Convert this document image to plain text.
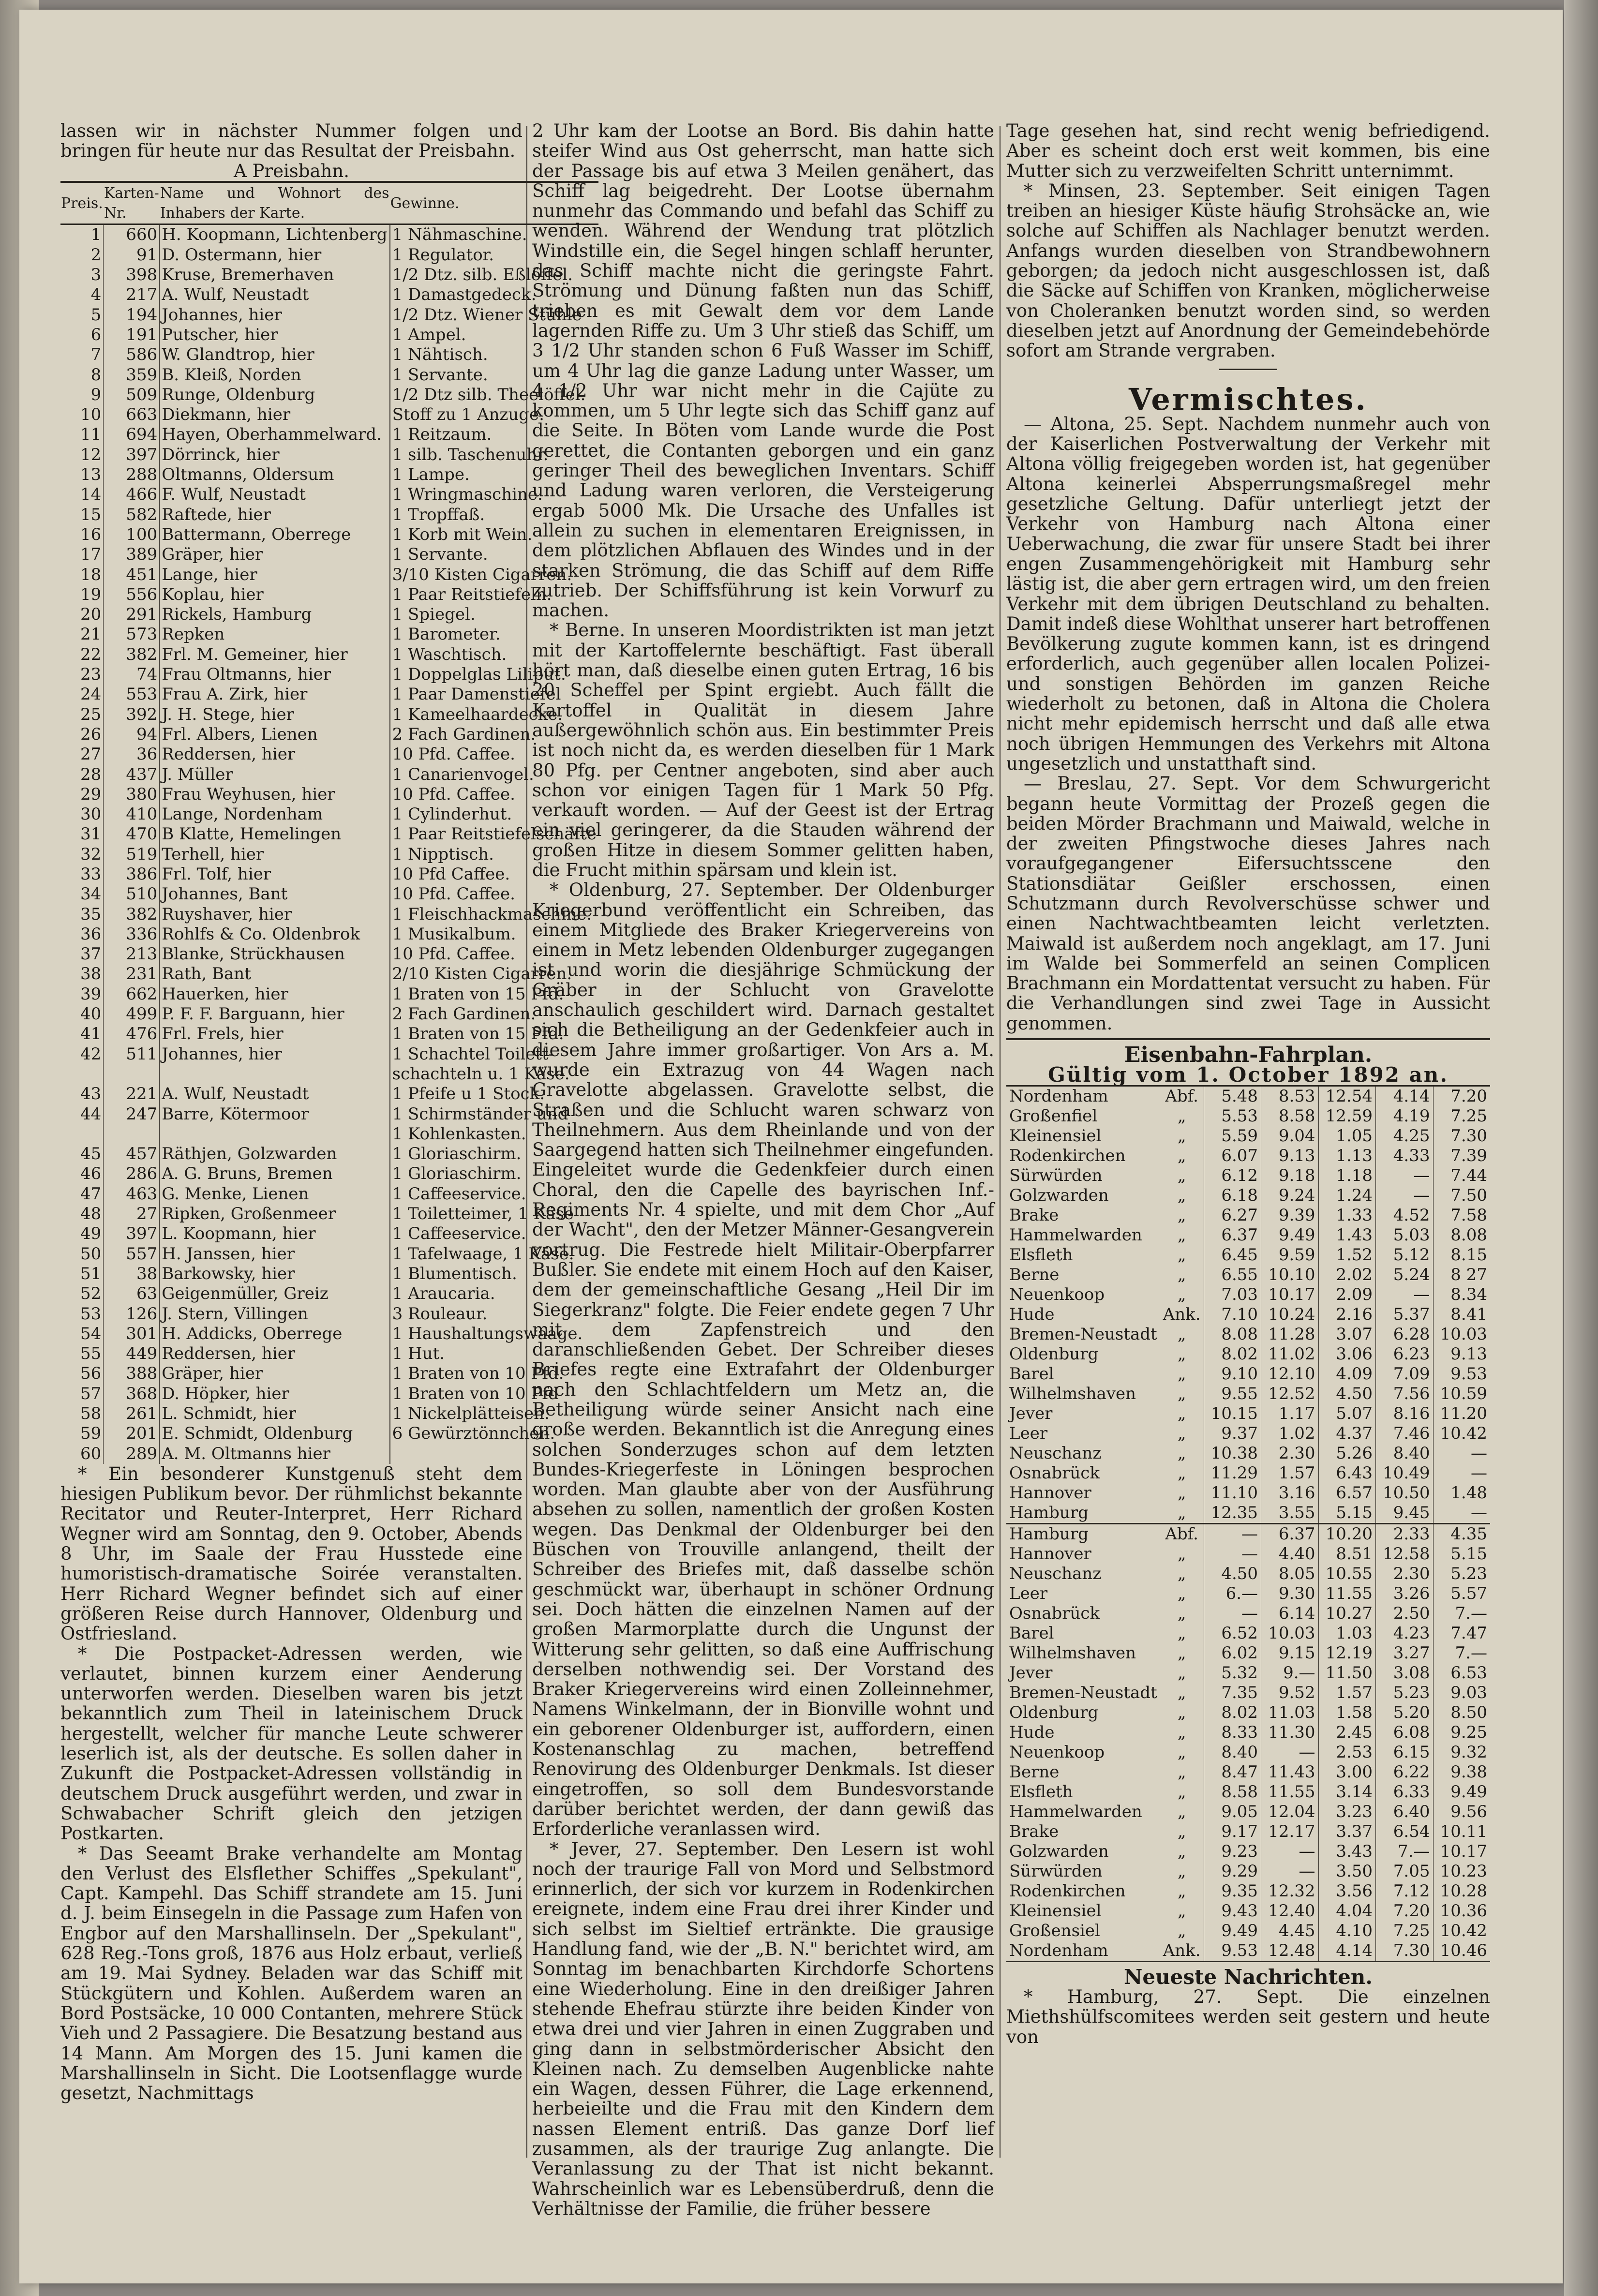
lassen wir in nächster Nummer folgen und bringen für heute nur das Resultat der Preisbahn.

A Preisbahn.

Preis.	Karten-Nr.	Name und Wohnort des Inhabers der Karte.	Gewinne.
1	660	H. Koopmann, Lichtenberg	1 Nähmaschine.
2	91	D. Ostermann, hier	1 Regulator.
3	398	Kruse, Bremerhaven	1/2 Dtz. silb. Eßlöffel.
4	217	A. Wulf, Neustadt	1 Damastgedeck.
5	194	Johannes, hier	1/2 Dtz. Wiener Stühle
6	191	Putscher, hier	1 Ampel.
7	586	W. Glandtrop, hier	1 Nähtisch.
8	359	B. Kleiß, Norden	1 Servante.
9	509	Runge, Oldenburg	1/2 Dtz silb. Theelöffel.
10	663	Diekmann, hier	Stoff zu 1 Anzuge.
11	694	Hayen, Oberhammelward.	1 Reitzaum.
12	397	Dörrinck, hier	1 silb. Taschenuhr.
13	288	Oltmanns, Oldersum	1 Lampe.
14	466	F. Wulf, Neustadt	1 Wringmaschine.
15	582	Raftede, hier	1 Tropffaß.
16	100	Battermann, Oberrege	1 Korb mit Wein.
17	389	Gräper, hier	1 Servante.
18	451	Lange, hier	3/10 Kisten Cigarren.
19	556	Koplau, hier	1 Paar Reitstiefeln.
20	291	Rickels, Hamburg	1 Spiegel.
21	573	Repken	1 Barometer.
22	382	Frl. M. Gemeiner, hier	1 Waschtisch.
23	74	Frau Oltmanns, hier	1 Doppelglas Liliput.
24	553	Frau A. Zirk, hier	1 Paar Damenstiefel
25	392	J. H. Stege, hier	1 Kameelhaardecke.
26	94	Frl. Albers, Lienen	2 Fach Gardinen.
27	36	Reddersen, hier	10 Pfd. Caffee.
28	437	J. Müller	1 Canarienvogel.
29	380	Frau Weyhusen, hier	10 Pfd. Caffee.
30	410	Lange, Nordenham	1 Cylinderhut.
31	470	B Klatte, Hemelingen	1 Paar Reitstiefelschäfte
32	519	Terhell, hier	1 Nipptisch.
33	386	Frl. Tolf, hier	10 Pfd Caffee.
34	510	Johannes, Bant	10 Pfd. Caffee.
35	382	Ruyshaver, hier	1 Fleischhackmaschine.
36	336	Rohlfs & Co. Oldenbrok	1 Musikalbum.
37	213	Blanke, Strückhausen	10 Pfd. Caffee.
38	231	Rath, Bant	2/10 Kisten Cigarren.
39	662	Hauerken, hier	1 Braten von 15 Pfd.
40	499	P. F. F. Barguann, hier	2 Fach Gardinen.
41	476	Frl. Frels, hier	1 Braten von 15 Pfd.
42	511	Johannes, hier	1 Schachtel Toilett-
			schachteln u. 1 Käse.
43	221	A. Wulf, Neustadt	1 Pfeife u 1 Stock.
44	247	Barre, Kötermoor	1 Schirmständer und
			1 Kohlenkasten.
45	457	Räthjen, Golzwarden	1 Gloriaschirm.
46	286	A. G. Bruns, Bremen	1 Gloriaschirm.
47	463	G. Menke, Lienen	1 Caffeeservice.
48	27	Ripken, Großenmeer	1 Toiletteimer, 1 Käse
49	397	L. Koopmann, hier	1 Caffeeservice.
50	557	H. Janssen, hier	1 Tafelwaage, 1 Käse.
51	38	Barkowsky, hier	1 Blumentisch.
52	63	Geigenmüller, Greiz	1 Araucaria.
53	126	J. Stern, Villingen	3 Rouleaur.
54	301	H. Addicks, Oberrege	1 Haushaltungswaage.
55	449	Reddersen, hier	1 Hut.
56	388	Gräper, hier	1 Braten von 10 Pfd.
57	368	D. Höpker, hier	1 Braten von 10 Pfd
58	261	L. Schmidt, hier	1 Nickelplätteisen.
59	201	E. Schmidt, Oldenburg	6 Gewürztönnchen.
60	289	A. M. Oltmanns hier	

* Ein besonderer Kunstgenuß steht dem hiesigen Publikum bevor. Der rühmlichst bekannte Recitator und Reuter-Interpret, Herr Richard Wegner wird am Sonntag, den 9. October, Abends 8 Uhr, im Saale der Frau Husstede eine humoristisch-dramatische Soirée veranstalten. Herr Richard Wegner befindet sich auf einer größeren Reise durch Hannover, Oldenburg und Ostfriesland.

* Die Postpacket-Adressen werden, wie verlautet, binnen kurzem einer Aenderung unterworfen werden. Dieselben waren bis jetzt bekanntlich zum Theil in lateinischem Druck hergestellt, welcher für manche Leute schwerer leserlich ist, als der deutsche. Es sollen daher in Zukunft die Postpacket-Adressen vollständig in deutschem Druck ausgeführt werden, und zwar in Schwabacher Schrift gleich den jetzigen Postkarten.

* Das Seeamt Brake verhandelte am Montag den Verlust des Elsflether Schiffes „Spekulant", Capt. Kampehl. Das Schiff strandete am 15. Juni d. J. beim Einsegeln in die Passage zum Hafen von Engbor auf den Marshallinseln. Der „Spekulant", 628 Reg.-Tons groß, 1876 aus Holz erbaut, verließ am 19. Mai Sydney. Beladen war das Schiff mit Stückgütern und Kohlen. Außerdem waren an Bord Postsäcke, 10 000 Contanten, mehrere Stück Vieh und 2 Passagiere. Die Besatzung bestand aus 14 Mann. Am Morgen des 15. Juni kamen die Marshallinseln in Sicht. Die Lootsenflagge wurde gesetzt, Nachmittags

2 Uhr kam der Lootse an Bord. Bis dahin hatte steifer Wind aus Ost geherrscht, man hatte sich der Passage bis auf etwa 3 Meilen genähert, das Schiff lag beigedreht. Der Lootse übernahm nunmehr das Commando und befahl das Schiff zu wenden. Während der Wendung trat plötzlich Windstille ein, die Segel hingen schlaff herunter, das Schiff machte nicht die geringste Fahrt. Strömung und Dünung faßten nun das Schiff, trieben es mit Gewalt dem vor dem Lande lagernden Riffe zu. Um 3 Uhr stieß das Schiff, um 3 1/2 Uhr standen schon 6 Fuß Wasser im Schiff, um 4 Uhr lag die ganze Ladung unter Wasser, um 4 1/2 Uhr war nicht mehr in die Cajüte zu kommen, um 5 Uhr legte sich das Schiff ganz auf die Seite. In Böten vom Lande wurde die Post gerettet, die Contanten geborgen und ein ganz geringer Theil des beweglichen Inventars. Schiff und Ladung waren verloren, die Versteigerung ergab 5000 Mk. Die Ursache des Unfalles ist allein zu suchen in elementaren Ereignissen, in dem plötzlichen Abflauen des Windes und in der starken Strömung, die das Schiff auf dem Riffe zutrieb. Der Schiffsführung ist kein Vorwurf zu machen.

* Berne. In unseren Moordistrikten ist man jetzt mit der Kartoffelernte beschäftigt. Fast überall hört man, daß dieselbe einen guten Ertrag, 16 bis 20 Scheffel per Spint ergiebt. Auch fällt die Kartoffel in Qualität in diesem Jahre außergewöhnlich schön aus. Ein bestimmter Preis ist noch nicht da, es werden dieselben für 1 Mark 80 Pfg. per Centner angeboten, sind aber auch schon vor einigen Tagen für 1 Mark 50 Pfg. verkauft worden. — Auf der Geest ist der Ertrag ein viel geringerer, da die Stauden während der großen Hitze in diesem Sommer gelitten haben, die Frucht mithin spärsam und klein ist.

* Oldenburg, 27. September. Der Oldenburger Kriegerbund veröffentlicht ein Schreiben, das einem Mitgliede des Braker Kriegervereins von einem in Metz lebenden Oldenburger zugegangen ist und worin die diesjährige Schmückung der Gräber in der Schlucht von Gravelotte anschaulich geschildert wird. Darnach gestaltet sich die Betheiligung an der Gedenkfeier auch in diesem Jahre immer großartiger. Von Ars a. M. wurde ein Extrazug von 44 Wagen nach Gravelotte abgelassen. Gravelotte selbst, die Straßen und die Schlucht waren schwarz von Theilnehmern. Aus dem Rheinlande und von der Saargegend hatten sich Theilnehmer eingefunden. Eingeleitet wurde die Gedenkfeier durch einen Choral, den die Capelle des bayrischen Inf.-Regiments Nr. 4 spielte, und mit dem Chor „Auf der Wacht", den der Metzer Männer-Gesangverein vortrug. Die Festrede hielt Militair-Oberpfarrer Bußler. Sie endete mit einem Hoch auf den Kaiser, dem der gemeinschaftliche Gesang „Heil Dir im Siegerkranz" folgte. Die Feier endete gegen 7 Uhr mit dem Zapfenstreich und den daranschließenden Gebet. Der Schreiber dieses Briefes regte eine Extrafahrt der Oldenburger nach den Schlachtfeldern um Metz an, die Betheiligung würde seiner Ansicht nach eine große werden. Bekanntlich ist die Anregung eines solchen Sonderzuges schon auf dem letzten Bundes-Kriegerfeste in Löningen besprochen worden. Man glaubte aber von der Ausführung absehen zu sollen, namentlich der großen Kosten wegen. Das Denkmal der Oldenburger bei den Büschen von Trouville anlangend, theilt der Schreiber des Briefes mit, daß dasselbe schön geschmückt war, überhaupt in schöner Ordnung sei. Doch hätten die einzelnen Namen auf der großen Marmorplatte durch die Ungunst der Witterung sehr gelitten, so daß eine Auffrischung derselben nothwendig sei. Der Vorstand des Braker Kriegervereins wird einen Zolleinnehmer, Namens Winkelmann, der in Bionville wohnt und ein geborener Oldenburger ist, auffordern, einen Kostenanschlag zu machen, betreffend Renovirung des Oldenburger Denkmals. Ist dieser eingetroffen, so soll dem Bundesvorstande darüber berichtet werden, der dann gewiß das Erforderliche veranlassen wird.

* Jever, 27. September. Den Lesern ist wohl noch der traurige Fall von Mord und Selbstmord erinnerlich, der sich vor kurzem in Rodenkirchen ereignete, indem eine Frau drei ihrer Kinder und sich selbst im Sieltief ertränkte. Die grausige Handlung fand, wie der „B. N." berichtet wird, am Sonntag im benachbarten Kirchdorfe Schortens eine Wiederholung. Eine in den dreißiger Jahren stehende Ehefrau stürzte ihre beiden Kinder von etwa drei und vier Jahren in einen Zuggraben und ging dann in selbstmörderischer Absicht den Kleinen nach. Zu demselben Augenblicke nahte ein Wagen, dessen Führer, die Lage erkennend, herbeieilte und die Frau mit den Kindern dem nassen Element entriß. Das ganze Dorf lief zusammen, als der traurige Zug anlangte. Die Veranlassung zu der That ist nicht bekannt. Wahrscheinlich war es Lebensüberdruß, denn die Verhältnisse der Familie, die früher bessere

Tage gesehen hat, sind recht wenig befriedigend. Aber es scheint doch erst weit kommen, bis eine Mutter sich zu verzweifelten Schritt unternimmt.

* Minsen, 23. September. Seit einigen Tagen treiben an hiesiger Küste häufig Strohsäcke an, wie solche auf Schiffen als Nachlager benutzt werden. Anfangs wurden dieselben von Strandbewohnern geborgen; da jedoch nicht ausgeschlossen ist, daß die Säcke auf Schiffen von Kranken, möglicherweise von Choleranken benutzt worden sind, so werden dieselben jetzt auf Anordnung der Gemeindebehörde sofort am Strande vergraben.

Vermischtes.

— Altona, 25. Sept. Nachdem nunmehr auch von der Kaiserlichen Postverwaltung der Verkehr mit Altona völlig freigegeben worden ist, hat gegenüber Altona keinerlei Absperrungsmaßregel mehr gesetzliche Geltung. Dafür unterliegt jetzt der Verkehr von Hamburg nach Altona einer Ueberwachung, die zwar für unsere Stadt bei ihrer engen Zusammengehörigkeit mit Hamburg sehr lästig ist, die aber gern ertragen wird, um den freien Verkehr mit dem übrigen Deutschland zu behalten. Damit indeß diese Wohlthat unserer hart betroffenen Bevölkerung zugute kommen kann, ist es dringend erforderlich, auch gegenüber allen localen Polizei- und sonstigen Behörden im ganzen Reiche wiederholt zu betonen, daß in Altona die Cholera nicht mehr epidemisch herrscht und daß alle etwa noch übrigen Hemmungen des Verkehrs mit Altona ungesetzlich und unstatthaft sind.

— Breslau, 27. Sept. Vor dem Schwurgericht begann heute Vormittag der Prozeß gegen die beiden Mörder Brachmann und Maiwald, welche in der zweiten Pfingstwoche dieses Jahres nach voraufgegangener Eifersuchtsscene den Stationsdiätar Geißler erschossen, einen Schutzmann durch Revolverschüsse schwer und einen Nachtwachtbeamten leicht verletzten. Maiwald ist außerdem noch angeklagt, am 17. Juni im Walde bei Sommerfeld an seinen Complicen Brachmann ein Mordattentat versucht zu haben. Für die Verhandlungen sind zwei Tage in Aussicht genommen.

Eisenbahn-Fahrplan.

Gültig vom 1. October 1892 an.

Nordenham	Abf.	5.48	8.53	12.54	4.14	7.20
Großenfiel	„	5.53	8.58	12.59	4.19	7.25
Kleinensiel	„	5.59	9.04	1.05	4.25	7.30
Rodenkirchen	„	6.07	9.13	1.13	4.33	7.39
Sürwürden	„	6.12	9.18	1.18	—	7.44
Golzwarden	„	6.18	9.24	1.24	—	7.50
Brake	„	6.27	9.39	1.33	4.52	7.58
Hammelwarden	„	6.37	9.49	1.43	5.03	8.08
Elsfleth	„	6.45	9.59	1.52	5.12	8.15
Berne	„	6.55	10.10	2.02	5.24	8 27
Neuenkoop	„	7.03	10.17	2.09	—	8.34
Hude	Ank.	7.10	10.24	2.16	5.37	8.41
Bremen-Neustadt	„	8.08	11.28	3.07	6.28	10.03
Oldenburg	„	8.02	11.02	3.06	6.23	9.13
Barel	„	9.10	12.10	4.09	7.09	9.53
Wilhelmshaven	„	9.55	12.52	4.50	7.56	10.59
Jever	„	10.15	1.17	5.07	8.16	11.20
Leer	„	9.37	1.02	4.37	7.46	10.42
Neuschanz	„	10.38	2.30	5.26	8.40	—
Osnabrück	„	11.29	1.57	6.43	10.49	—
Hannover	„	11.10	3.16	6.57	10.50	1.48
Hamburg	„	12.35	3.55	5.15	9.45	—
Hamburg	Abf.	—	6.37	10.20	2.33	4.35
Hannover	„	—	4.40	8.51	12.58	5.15
Neuschanz	„	4.50	8.05	10.55	2.30	5.23
Leer	„	6.—	9.30	11.55	3.26	5.57
Osnabrück	„	—	6.14	10.27	2.50	7.—
Barel	„	6.52	10.03	1.03	4.23	7.47
Wilhelmshaven	„	6.02	9.15	12.19	3.27	7.—
Jever	„	5.32	9.—	11.50	3.08	6.53
Bremen-Neustadt	„	7.35	9.52	1.57	5.23	9.03
Oldenburg	„	8.02	11.03	1.58	5.20	8.50
Hude	„	8.33	11.30	2.45	6.08	9.25
Neuenkoop	„	8.40	—	2.53	6.15	9.32
Berne	„	8.47	11.43	3.00	6.22	9.38
Elsfleth	„	8.58	11.55	3.14	6.33	9.49
Hammelwarden	„	9.05	12.04	3.23	6.40	9.56
Brake	„	9.17	12.17	3.37	6.54	10.11
Golzwarden	„	9.23	—	3.43	7.—	10.17
Sürwürden	„	9.29	—	3.50	7.05	10.23
Rodenkirchen	„	9.35	12.32	3.56	7.12	10.28
Kleinensiel	„	9.43	12.40	4.04	7.20	10.36
Großensiel	„	9.49	4.45	4.10	7.25	10.42
Nordenham	Ank.	9.53	12.48	4.14	7.30	10.46

Neueste Nachrichten.

* Hamburg, 27. Sept. Die einzelnen Miethshülfscomitees werden seit gestern und heute von
